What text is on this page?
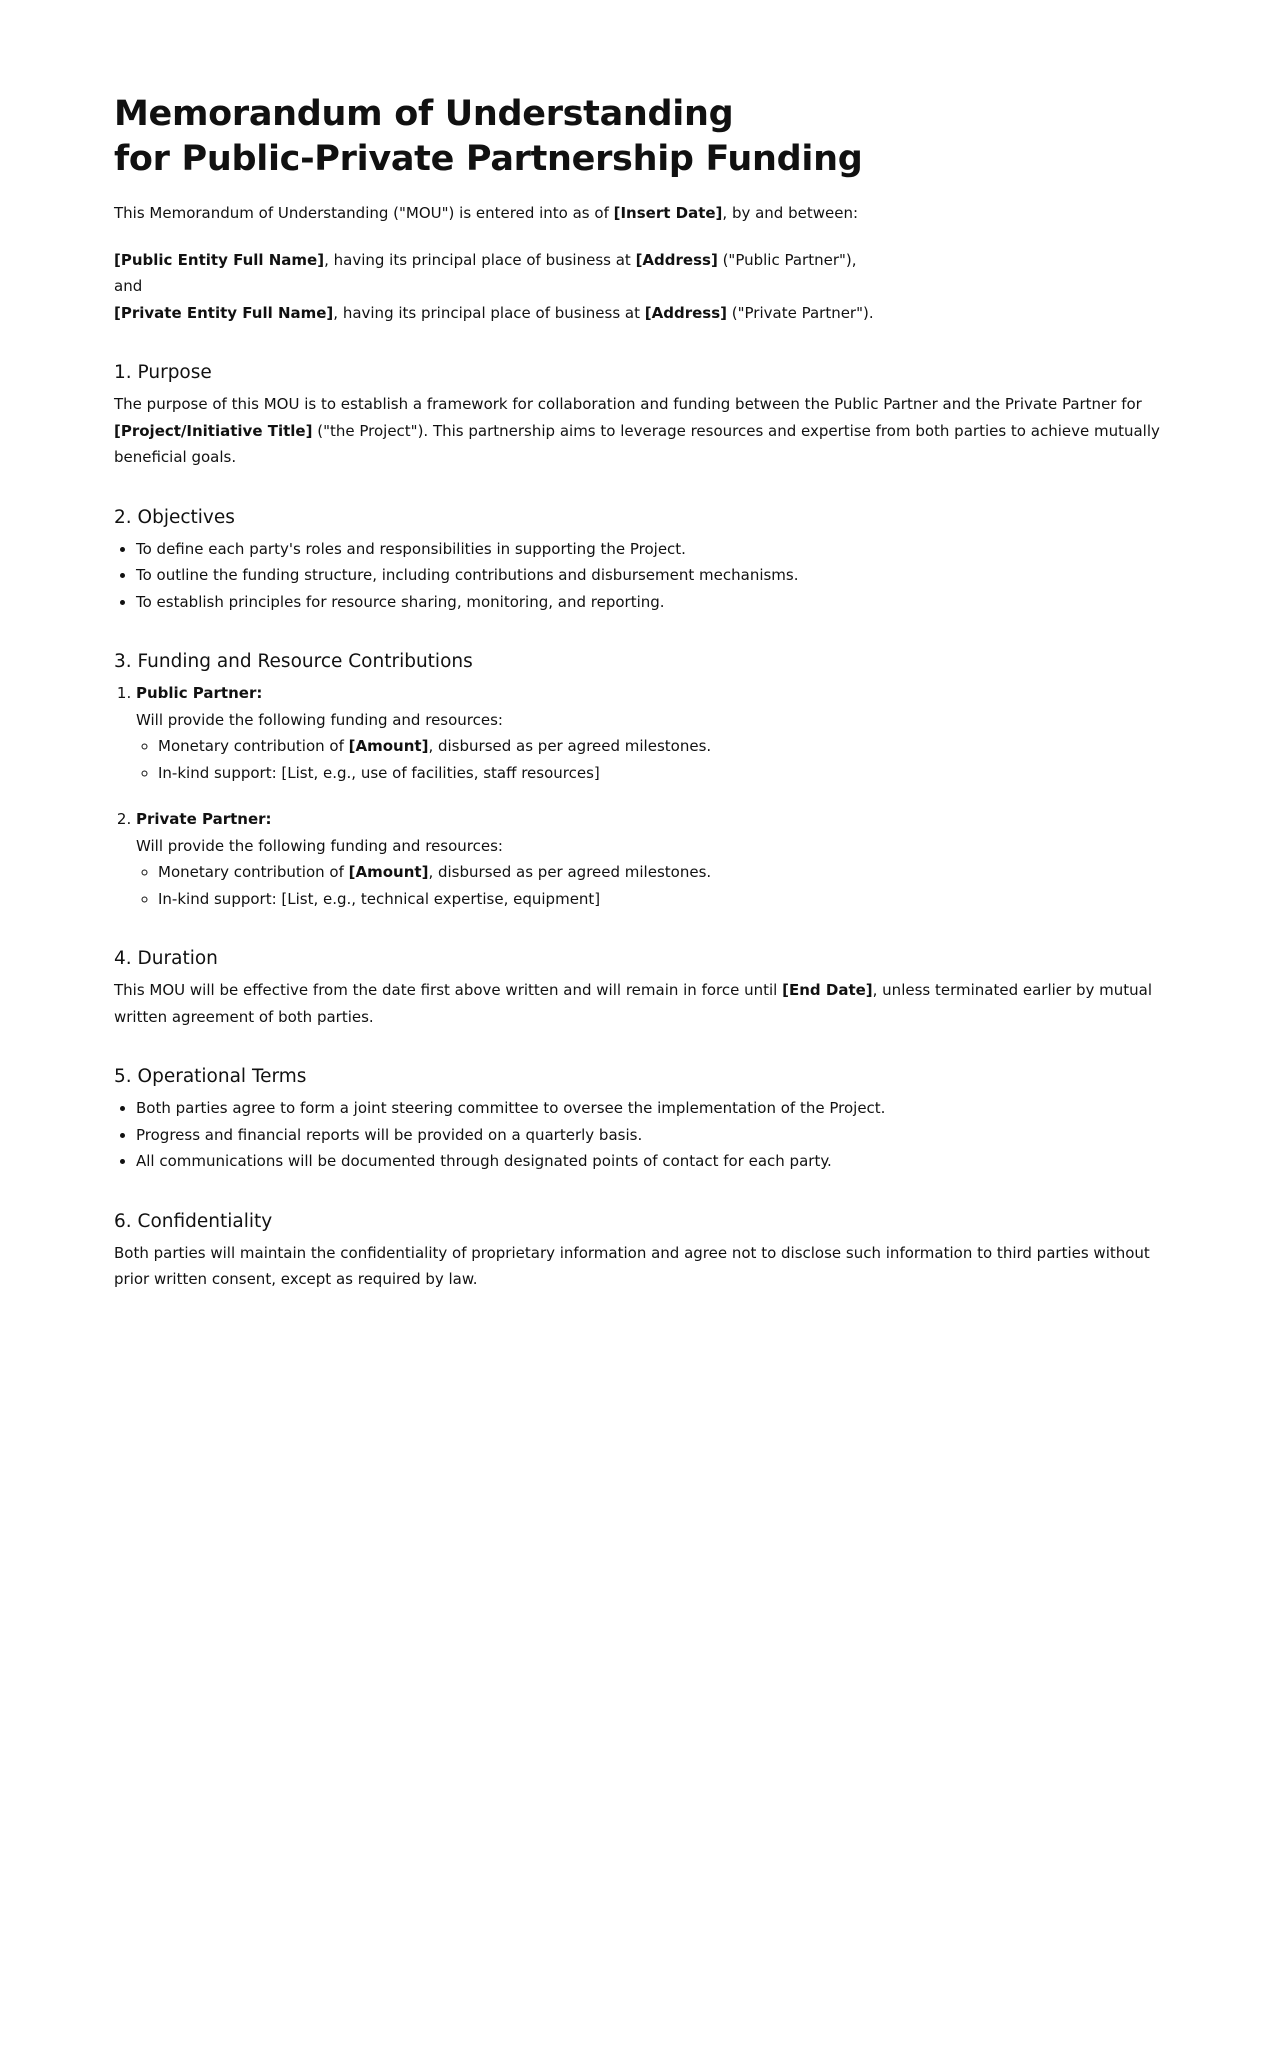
Memorandum of Understanding
for Public-Private Partnership Funding

This Memorandum of Understanding ("MOU") is entered into as of [Insert Date], by and between:

[Public Entity Full Name], having its principal place of business at [Address] ("Public Partner"),
and
[Private Entity Full Name], having its principal place of business at [Address] ("Private Partner").

1. Purpose

The purpose of this MOU is to establish a framework for collaboration and funding between the Public Partner and the Private Partner for [Project/Initiative Title] ("the Project"). This partnership aims to leverage resources and expertise from both parties to achieve mutually beneficial goals.

2. Objectives
• To define each party's roles and responsibilities in supporting the Project.
• To outline the funding structure, including contributions and disbursement mechanisms.
• To establish principles for resource sharing, monitoring, and reporting.
3. Funding and Resource Contributions
1. Public Partner:
Will provide the following funding and resources:
◦ Monetary contribution of [Amount], disbursed as per agreed milestones.
◦ In-kind support: [List, e.g., use of facilities, staff resources]
2. Private Partner:
Will provide the following funding and resources:
◦ Monetary contribution of [Amount], disbursed as per agreed milestones.
◦ In-kind support: [List, e.g., technical expertise, equipment]
4. Duration

This MOU will be effective from the date first above written and will remain in force until [End Date], unless terminated earlier by mutual written agreement of both parties.

5. Operational Terms
• Both parties agree to form a joint steering committee to oversee the implementation of the Project.
• Progress and financial reports will be provided on a quarterly basis.
• All communications will be documented through designated points of contact for each party.
6. Confidentiality

Both parties will maintain the confidentiality of proprietary information and agree not to disclose such information to third parties without prior written consent, except as required by law.
